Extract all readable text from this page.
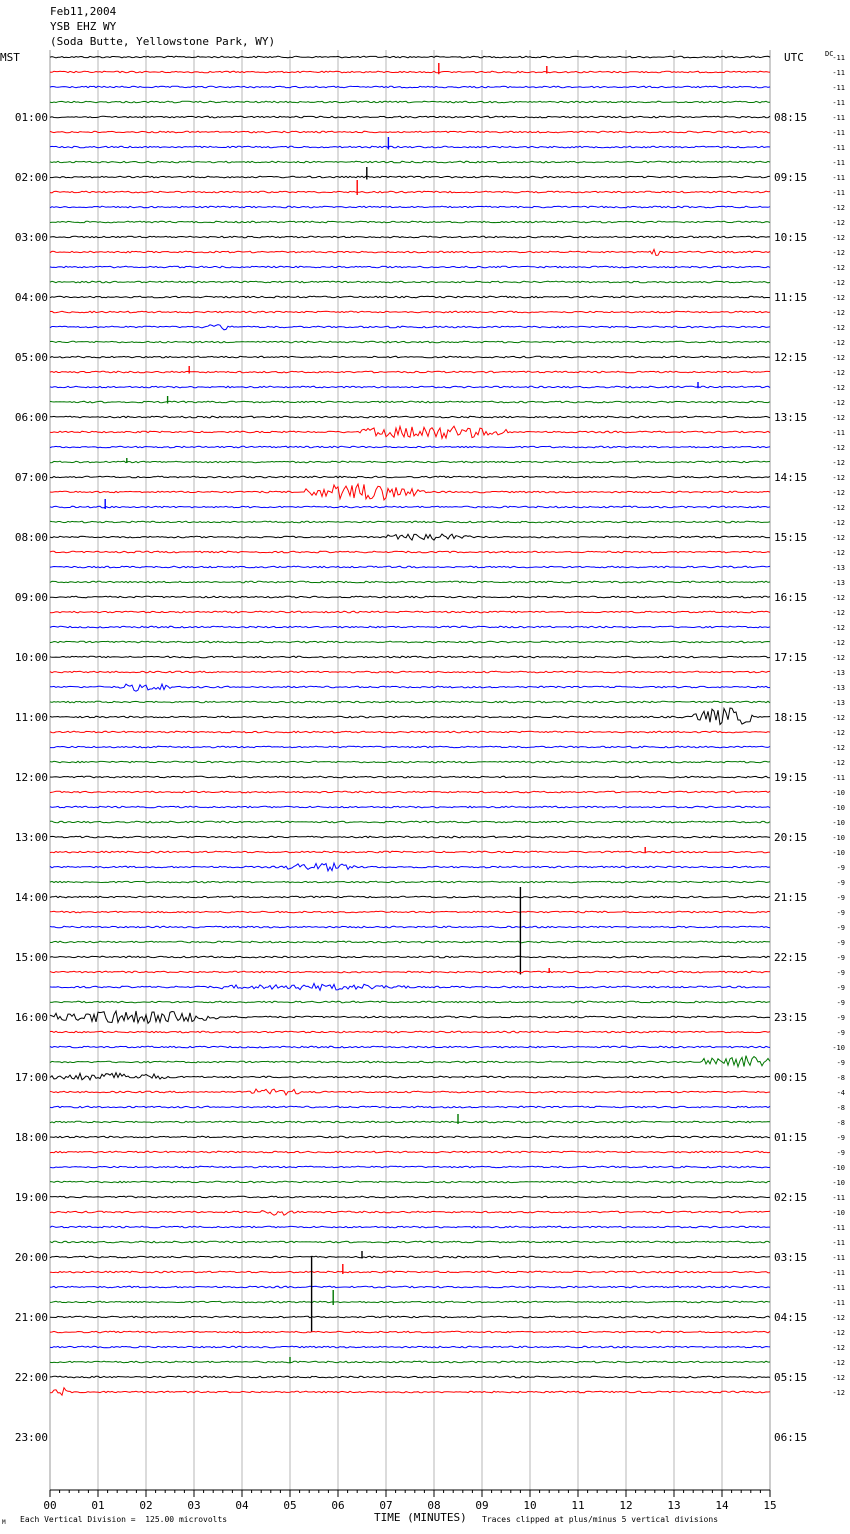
Feb11,2004
YSB EHZ WY
(Soda Butte, Yellowstone Park, WY)
MST	UTC	DC
01:00
02:00
03:00
04:00
05:00
06:00
07:00
08:00
09:00
10:00
11:00
12:00
13:00
14:00
15:00
16:00
17:00
18:00
19:00
20:00
21:00
22:00
23:00
08:15
09:15
10:15
11:15
12:15
13:15
14:15
15:15
16:15
17:15
18:15
19:15
20:15
21:15
22:15
23:15
00:15
01:15
02:15
03:15
04:15
05:15
06:15
-11
-11
-11
-11
-11
-11
-11
-11
-11
-11
-12
-12
-12
-12
-12
-12
-12
-12
-12
-12
-12
-12
-12
-12
-12
-11
-12
-12
-12
-12
-12
-12
-12
-12
-13
-13
-12
-12
-12
-12
-12
-13
-13
-13
-12
-12
-12
-12
-11
-10
-10
-10
-10
-10
-9
-9
-9
-9
-9
-9
-9
-9
-9
-9
-9
-9
-10
-9
-8
-4
-8
-8
-9
-9
-10
-10
-11
-10
-11
-11
-11
-11
-11
-11
-12
-12
-12
-12
-12
-12
00	01	02	03	04	05	06	07	08	09	10	11	12	13	14	15
Each Vertical Division =  125.00 microvolts	TIME (MINUTES) Traces clipped at plus/minus 5 vertical divisions
M
